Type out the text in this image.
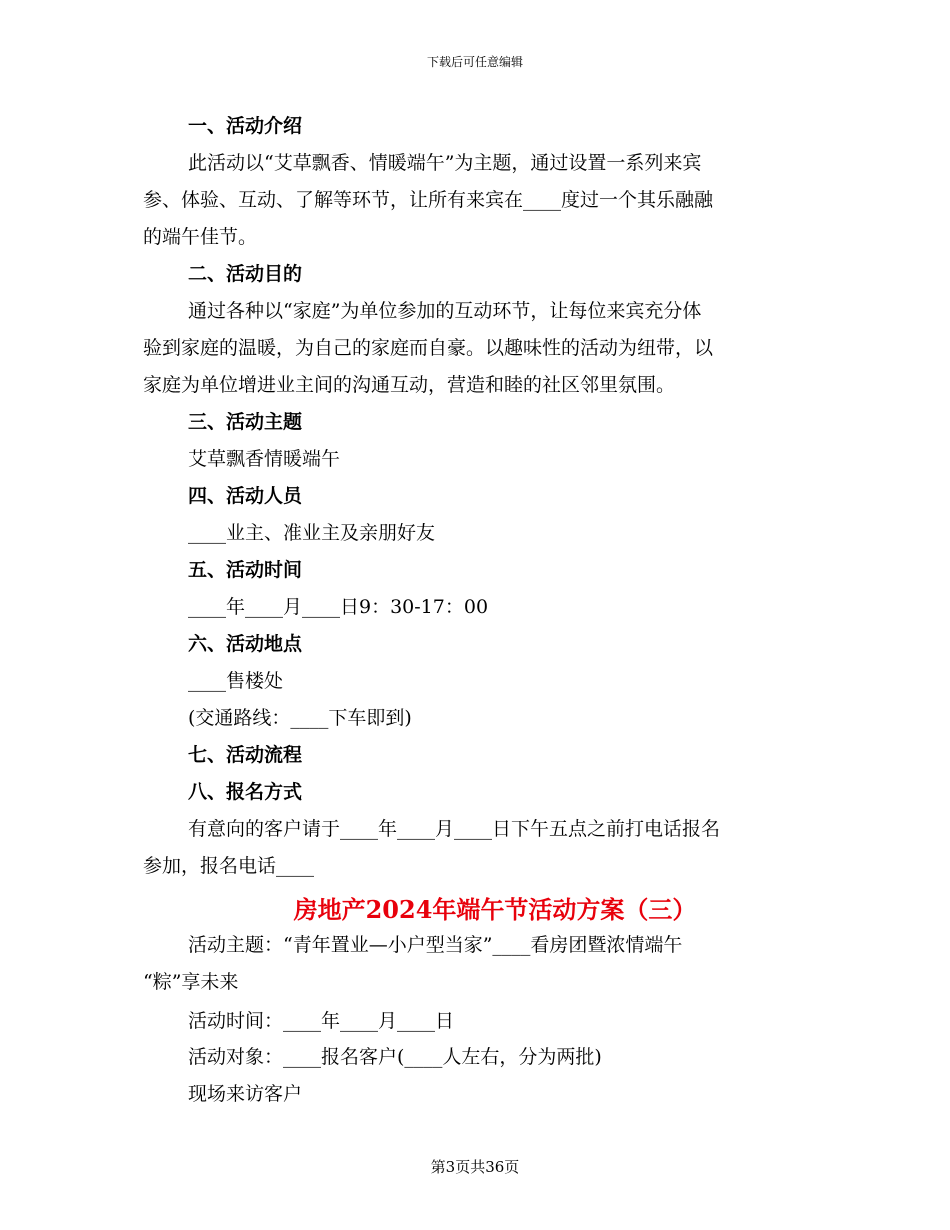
下载后可任意编辑
一、活动介绍
此活动以“艾草飘香、情暖端午”为主题，通过设置一系列来宾
参、体验、互动、了解等环节，让所有来宾在____度过一个其乐融融
的端午佳节。
二、活动目的
通过各种以“家庭”为单位参加的互动环节，让每位来宾充分体
验到家庭的温暖，为自己的家庭而自豪。以趣味性的活动为纽带，以
家庭为单位增进业主间的沟通互动，营造和睦的社区邻里氛围。
三、活动主题
艾草飘香情暖端午
四、活动人员
____业主、准业主及亲朋好友
五、活动时间
____年____月____日9：30-17：00
六、活动地点
____售楼处
(交通路线：____下车即到)
七、活动流程
八、报名方式
有意向的客户请于____年____月____日下午五点之前打电话报名
参加，报名电话____
房地产2024年端午节活动方案（三）
活动主题：“青年置业—小户型当家”____看房团暨浓情端午
“粽”享未来
活动时间：____年____月____日
活动对象：____报名客户(____人左右，分为两批)
现场来访客户
第3页共36页
